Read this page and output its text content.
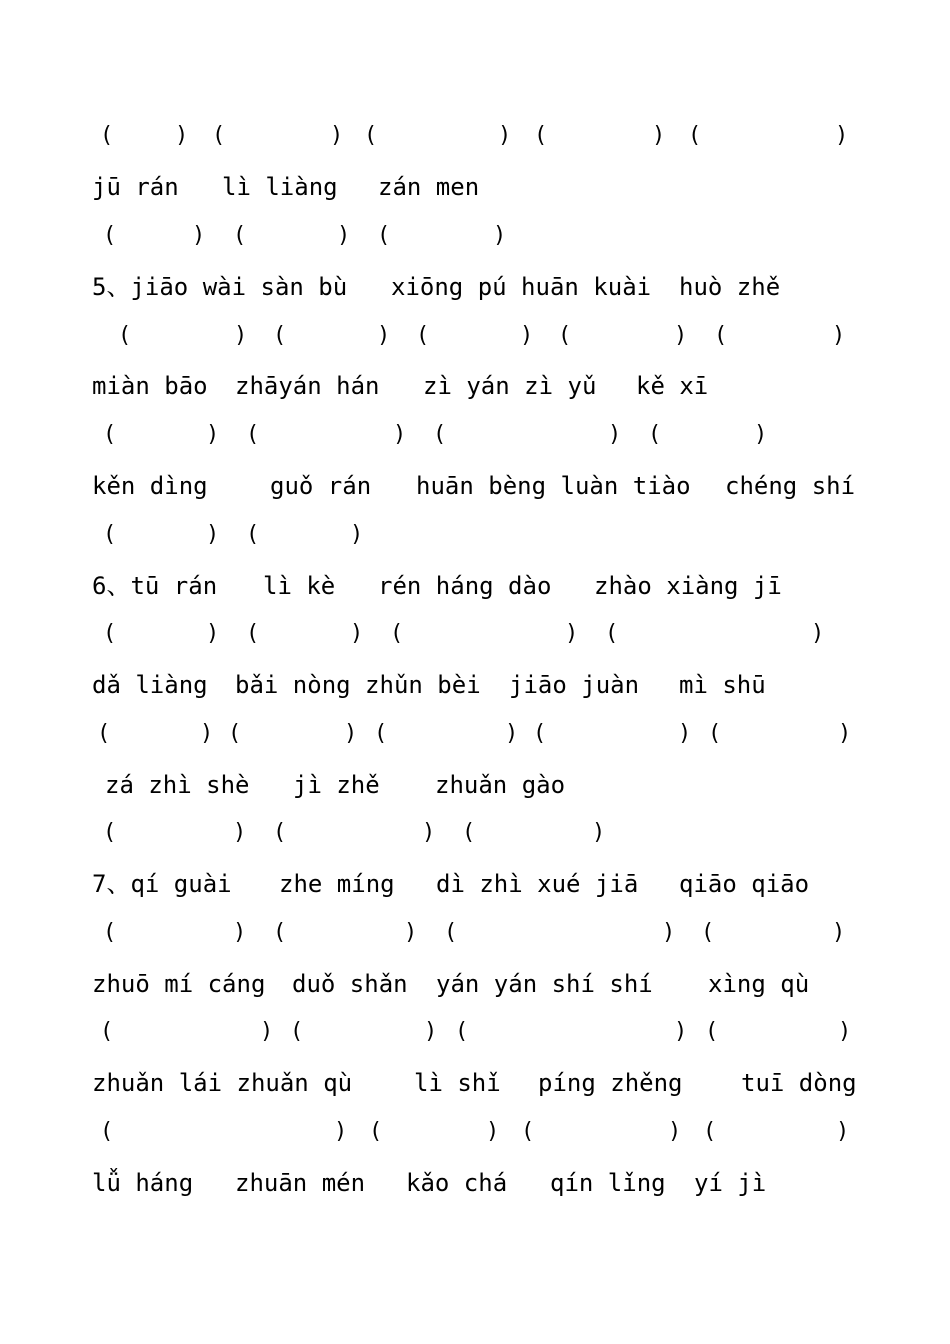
(	) (	) (	) (	) (	)
jū rán lì liàng zán men
(	) (	) (	)
5、jiāo wài sàn bù xiōng pú huān kuài huò zhě
(	) (	) (	) (	) (	)
miàn bāo zhāyán hán zì yán zì yǔ kě xī
(	) (	) (	) (	)
kěn dìng	guǒ rán huān bèng luàn tiào chéng shí
(	) (	)
6、tū rán lì kè rén háng dào zhào xiàng jī
(	) (	) (	) (	)
dǎ liàng bǎi nòng zhǔn bèi jiāo juàn mì shū
(	) (	) (	) (	) (	)
zá zhì shè jì zhě zhuǎn gào
(	) (	) (	)
7、qí guài zhe míng dì zhì xué jiā qiāo qiāo
(	) (	) (	) (	)
zhuō mí cáng duǒ shǎn yán yán shí shí xìng qù
(	) (	) (	) (	)
zhuǎn lái zhuǎn qù	lì shǐ píng zhěng tuī dòng
(	) (	) (	) (	)
lǚ háng zhuān mén kǎo chá qín lǐng yí jì
